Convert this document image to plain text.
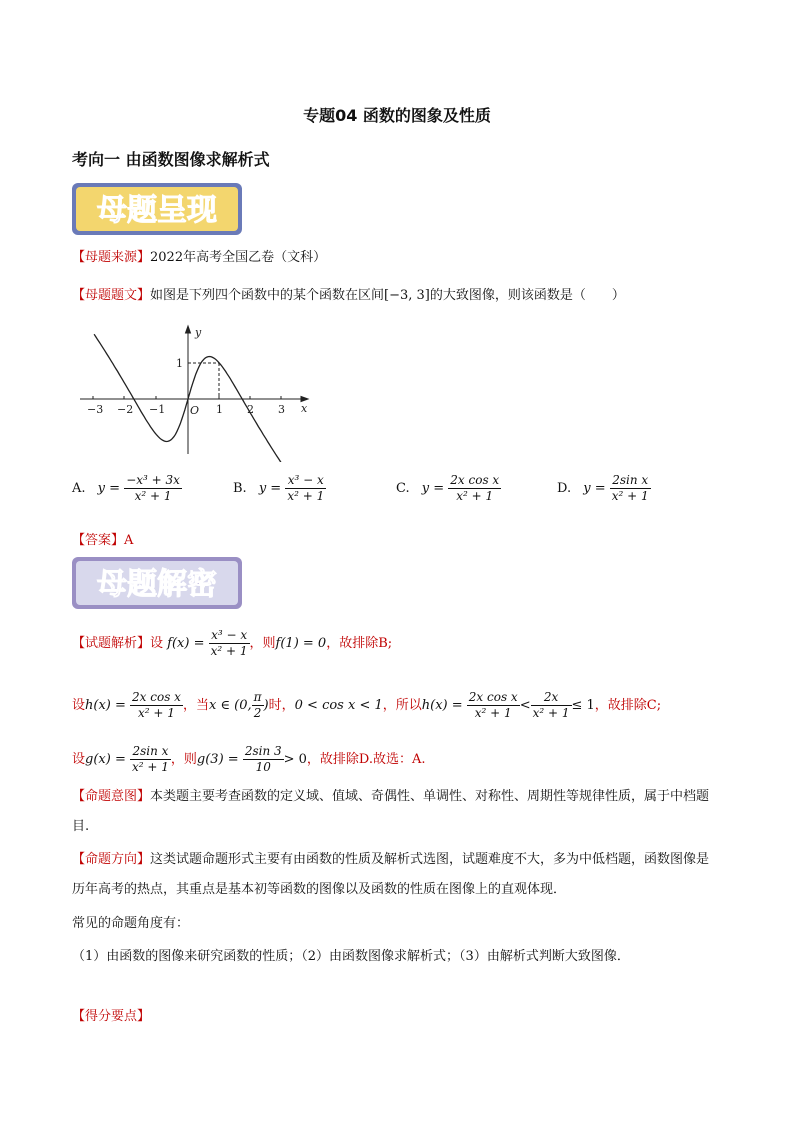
专题04 函数的图象及性质
考向一 由函数图像求解析式
母题呈现
【母题来源】2022年高考全国乙卷（文科）
【母题题文】如图是下列四个函数中的某个函数在区间[−3, 3]的大致图像，则该函数是（　　）
y
x
O
1
−3 −2 −1	1 2 3
A. $y = \frac{\text{−x³ + 3x}}{\text{x² + 1}}$	B. $y = \frac{\text{x³ − x}}{\text{x² + 1}}$	C. $y = \frac{\text{2x cos x}}{\text{x² + 1}}$	D. $y = \frac{\text{2sin x}}{\text{x² + 1}}$
【答案】A
母题解密
【试题解析】设 $f(x) = \frac{\text{x³ − x}}{\text{x² + 1}}$ ，则f(1) = 0，故排除B;
设$h(x) = \frac{\text{2x cos x}}{\text{x² + 1}}$ ，当x ∈ (0, $\frac{\pi}{2}$ )时，0 < cos x < 1，所以$h(x) = \frac{\text{2x cos x}}{\text{x² + 1}} < \frac{2x}{\text{x² + 1}} \le 1$，故排除C;
设$g(x) = \frac{\text{2sin x}}{\text{x² + 1}}$ ，则$g(3) = \frac{2\sin 3}{10} > 0$，故排除D.故选：A.
【命题意图】本类题主要考查函数的定义域、值域、奇偶性、单调性、对称性、周期性等规律性质，属于中档题目.
【命题方向】这类试题命题形式主要有由函数的性质及解析式选图，试题难度不大，多为中低档题，函数图像是历年高考的热点，其重点是基本初等函数的图像以及函数的性质在图像上的直观体现．
常见的命题角度有：
（1）由函数的图像来研究函数的性质；（2）由函数图像求解析式；（3）由解析式判断大致图像．
【得分要点】
